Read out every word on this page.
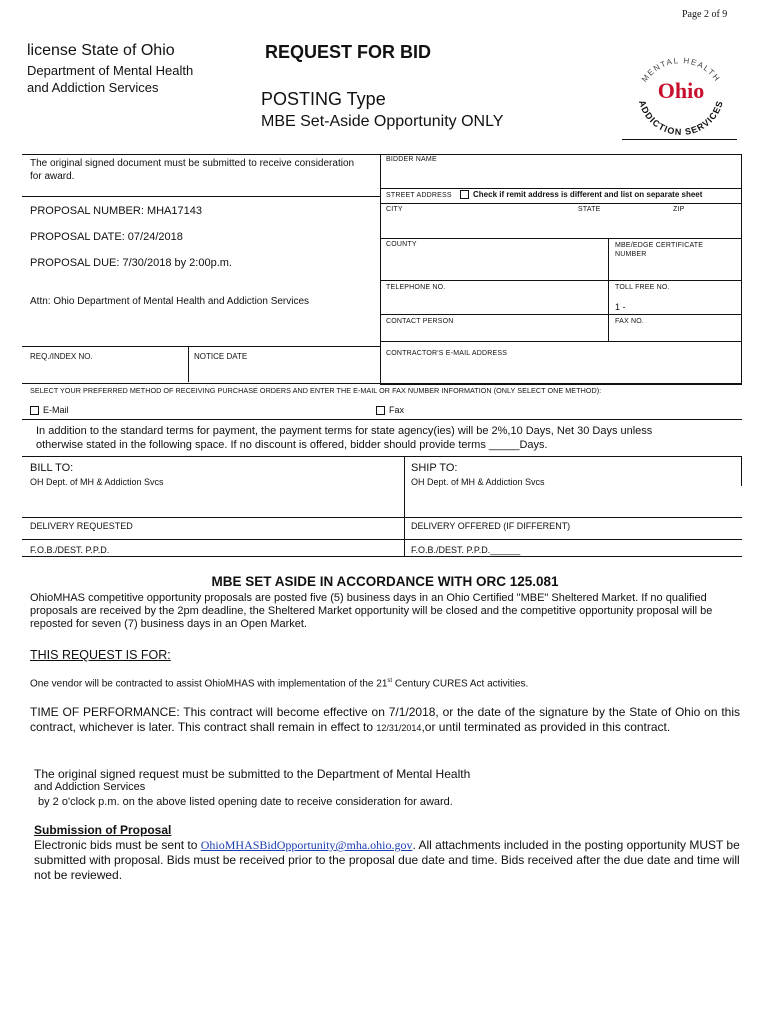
Page 2 of 9
license State of Ohio
Department of Mental Health
and Addiction Services
REQUEST FOR BID
POSTING Type
MBE Set-Aside Opportunity ONLY
MENTAL HEALTH
Ohio
ADDICTION SERVICES
The original signed document must be submitted to receive consideration for award.
PROPOSAL NUMBER: MHA17143
PROPOSAL DATE: 07/24/2018
PROPOSAL DUE: 7/30/2018 by 2:00p.m.
Attn: Ohio Department of Mental Health and Addiction Services
REQ./INDEX NO.	NOTICE DATE
BIDDER NAME
STREET ADDRESS	Check if remit address is different and list on separate sheet
CITY	STATE	ZIP
COUNTY	MBE/EDGE CERTIFICATE NUMBER
TELEPHONE NO.	TOLL FREE NO.
1 -
CONTACT PERSON	FAX NO.
CONTRACTOR'S E-MAIL ADDRESS
SELECT YOUR PREFERRED METHOD OF RECEIVING PURCHASE ORDERS AND ENTER THE E-MAIL OR FAX NUMBER INFORMATION (ONLY SELECT ONE METHOD):
E-Mail	Fax
In addition to the standard terms for payment, the payment terms for state agency(ies) will be 2%,10 Days, Net 30 Days unless
otherwise stated in the following space. If no discount is offered, bidder should provide terms _____Days.
BILL TO:
OH Dept. of MH & Addiction Svcs
SHIP TO:
OH Dept. of MH & Addiction Svcs
DELIVERY REQUESTED	DELIVERY OFFERED (IF DIFFERENT)
F.O.B./DEST. P.P.D.	F.O.B./DEST. P.P.D.______
MBE SET ASIDE IN ACCORDANCE WITH ORC 125.081
OhioMHAS competitive opportunity proposals are posted five (5) business days in an Ohio Certified "MBE" Sheltered Market. If no qualified proposals are received by the 2pm deadline, the Sheltered Market opportunity will be closed and the competitive opportunity proposal will be reposted for seven (7) business days in an Open Market.
THIS REQUEST IS FOR:
One vendor will be contracted to assist OhioMHAS with implementation of the 21st Century CURES Act activities.
TIME OF PERFORMANCE: This contract will become effective on 7/1/2018, or the date of the signature by the State of Ohio on this contract, whichever is later. This contract shall remain in effect to 12/31/2014,or until terminated as provided in this contract.
The original signed request must be submitted to the Department of Mental Health
and Addiction Services
by 2 o'clock p.m. on the above listed opening date to receive consideration for award.
Submission of Proposal
Electronic bids must be sent to OhioMHASBidOpportunity@mha.ohio.gov. All attachments included in the posting opportunity MUST be submitted with proposal. Bids must be received prior to the proposal due date and time. Bids received after the due date and time will not be reviewed.
